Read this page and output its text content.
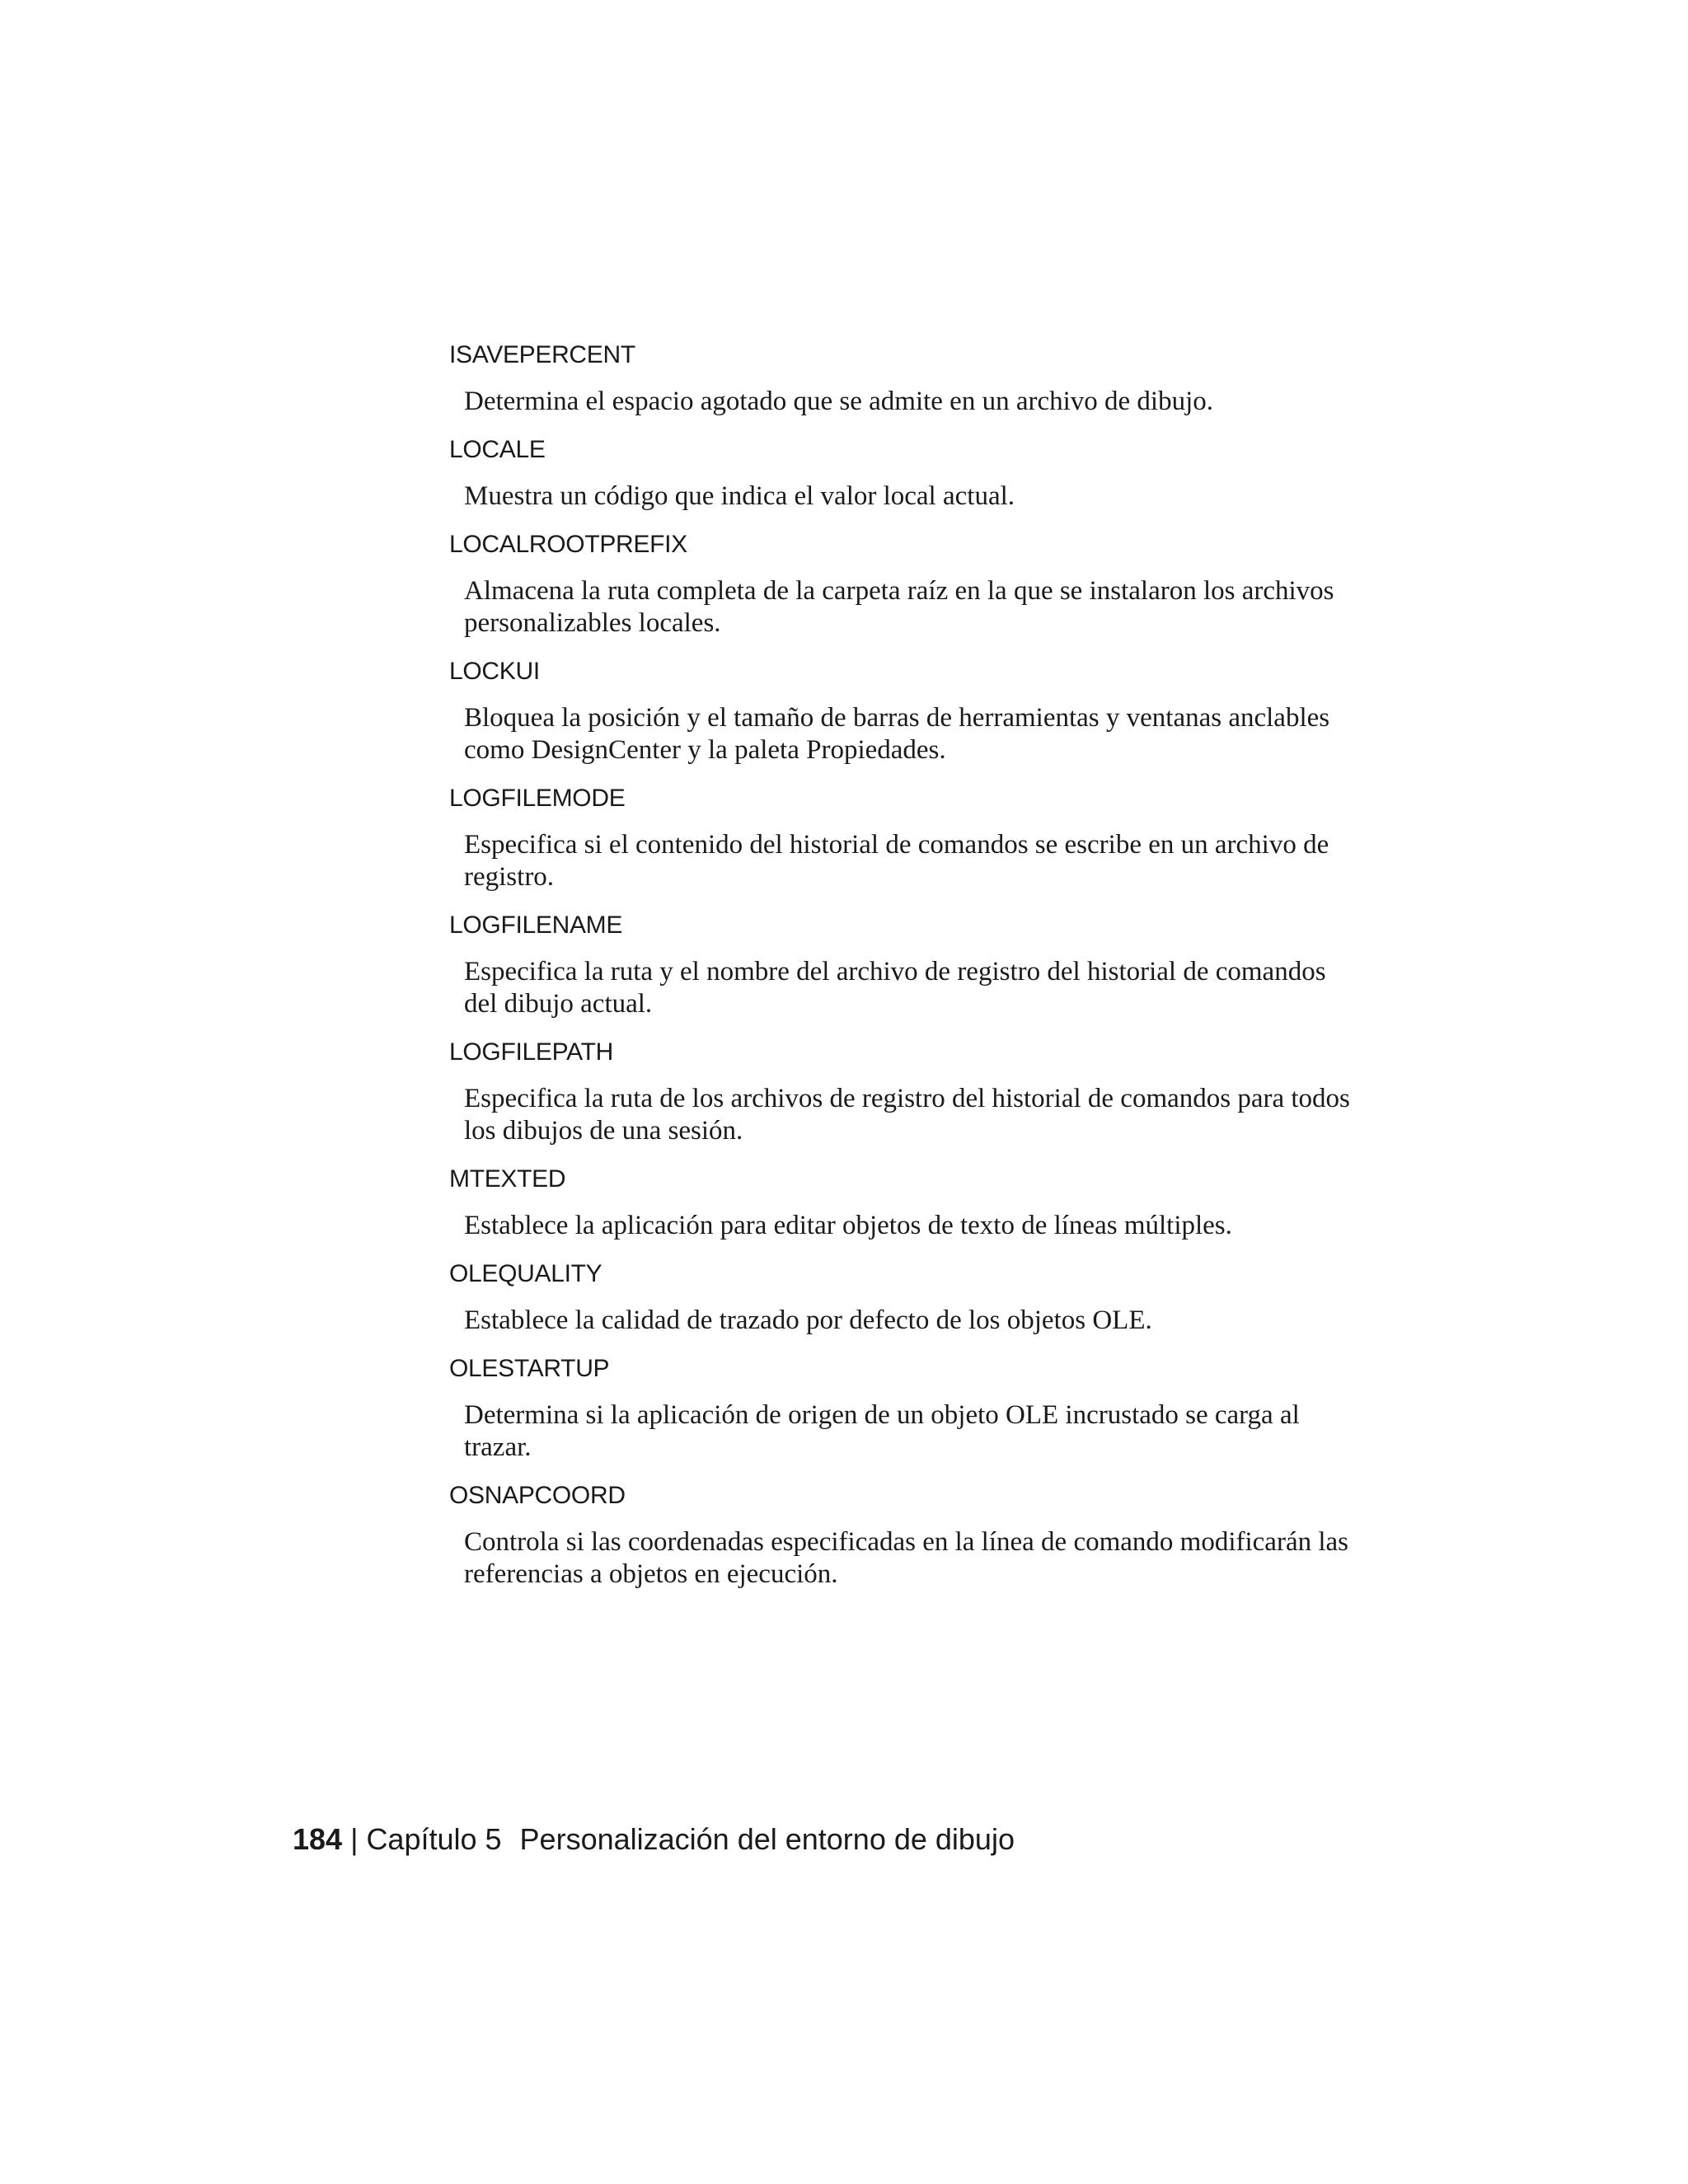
ISAVEPERCENT

Determina el espacio agotado que se admite en un archivo de dibujo.

LOCALE

Muestra un código que indica el valor local actual.

LOCALROOTPREFIX

Almacena la ruta completa de la carpeta raíz en la que se instalaron los archivos personalizables locales.

LOCKUI

Bloquea la posición y el tamaño de barras de herramientas y ventanas anclables como DesignCenter y la paleta Propiedades.

LOGFILEMODE

Especifica si el contenido del historial de comandos se escribe en un archivo de registro.

LOGFILENAME

Especifica la ruta y el nombre del archivo de registro del historial de comandos del dibujo actual.

LOGFILEPATH

Especifica la ruta de los archivos de registro del historial de comandos para todos los dibujos de una sesión.

MTEXTED

Establece la aplicación para editar objetos de texto de líneas múltiples.

OLEQUALITY

Establece la calidad de trazado por defecto de los objetos OLE.

OLESTARTUP

Determina si la aplicación de origen de un objeto OLE incrustado se carga al trazar.

OSNAPCOORD

Controla si las coordenadas especificadas en la línea de comando modificarán las referencias a objetos en ejecución.

184 | Capítulo 5 Personalización del entorno de dibujo
